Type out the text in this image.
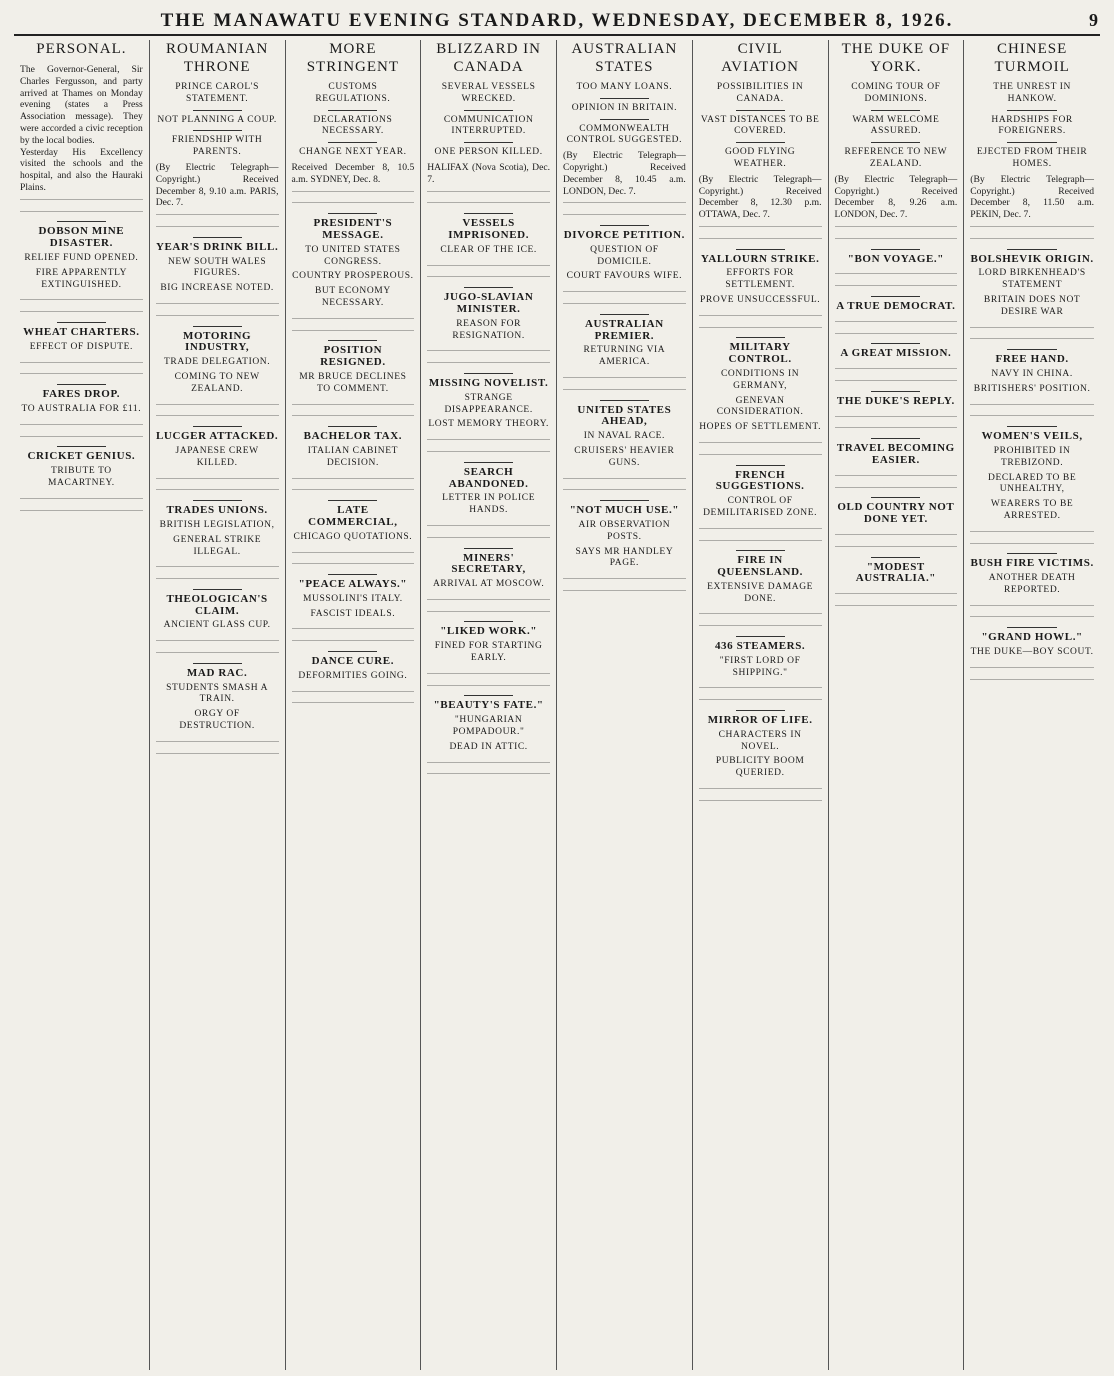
THE MANAWATU EVENING STANDARD, WEDNESDAY, DECEMBER 8, 1926.	9
PERSONAL.

The Governor-General, Sir Charles Fergusson, and party arrived at Thames on Monday evening (states a Press Association message). They were accorded a civic reception by the local bodies.

Yesterday His Excellency visited the schools and the hospital, and also the Hauraki Plains.

DOBSON MINE DISASTER.
RELIEF FUND OPENED.
FIRE APPARENTLY EXTINGUISHED.
WHEAT CHARTERS.
EFFECT OF DISPUTE.
FARES DROP.
TO AUSTRALIA FOR £11.
CRICKET GENIUS.
TRIBUTE TO MACARTNEY.
ROUMANIAN THRONE
PRINCE CAROL'S STATEMENT.
NOT PLANNING A COUP.
FRIENDSHIP WITH PARENTS.

(By Electric Telegraph—Copyright.) Received December 8, 9.10 a.m. PARIS, Dec. 7.

YEAR'S DRINK BILL.
NEW SOUTH WALES FIGURES.
BIG INCREASE NOTED.
MOTORING INDUSTRY,
TRADE DELEGATION.
COMING TO NEW ZEALAND.
LUCGER ATTACKED.
JAPANESE CREW KILLED.
TRADES UNIONS.
BRITISH LEGISLATION,
GENERAL STRIKE ILLEGAL.
THEOLOGICAN'S CLAIM.
ANCIENT GLASS CUP.
MAD RAC.
STUDENTS SMASH A TRAIN.
ORGY OF DESTRUCTION.
MORE STRINGENT
CUSTOMS REGULATIONS.
DECLARATIONS NECESSARY.
CHANGE NEXT YEAR.

Received December 8, 10.5 a.m. SYDNEY, Dec. 8.

PRESIDENT'S MESSAGE.
TO UNITED STATES CONGRESS.
COUNTRY PROSPEROUS.
BUT ECONOMY NECESSARY.
POSITION RESIGNED.
MR BRUCE DECLINES TO COMMENT.
BACHELOR TAX.
ITALIAN CABINET DECISION.
LATE COMMERCIAL,
CHICAGO QUOTATIONS.
"PEACE ALWAYS."
MUSSOLINI'S ITALY.
FASCIST IDEALS.
DANCE CURE.
DEFORMITIES GOING.
BLIZZARD IN CANADA
SEVERAL VESSELS WRECKED.
COMMUNICATION INTERRUPTED.
ONE PERSON KILLED.

HALIFAX (Nova Scotia), Dec. 7.

VESSELS IMPRISONED.
CLEAR OF THE ICE.
JUGO-SLAVIAN MINISTER.
REASON FOR RESIGNATION.
MISSING NOVELIST.
STRANGE DISAPPEARANCE.
LOST MEMORY THEORY.
SEARCH ABANDONED.
LETTER IN POLICE HANDS.
MINERS' SECRETARY,
ARRIVAL AT MOSCOW.
"LIKED WORK."
FINED FOR STARTING EARLY.
"BEAUTY'S FATE."
"HUNGARIAN POMPADOUR."
DEAD IN ATTIC.
AUSTRALIAN STATES
TOO MANY LOANS.
OPINION IN BRITAIN.
COMMONWEALTH CONTROL SUGGESTED.

(By Electric Telegraph—Copyright.) Received December 8, 10.45 a.m. LONDON, Dec. 7.

DIVORCE PETITION.
QUESTION OF DOMICILE.
COURT FAVOURS WIFE.
AUSTRALIAN PREMIER.
RETURNING VIA AMERICA.
UNITED STATES AHEAD,
IN NAVAL RACE.
CRUISERS' HEAVIER GUNS.
"NOT MUCH USE."
AIR OBSERVATION POSTS.
SAYS MR HANDLEY PAGE.
CIVIL AVIATION
POSSIBILITIES IN CANADA.
VAST DISTANCES TO BE COVERED.
GOOD FLYING WEATHER.

(By Electric Telegraph—Copyright.) Received December 8, 12.30 p.m. OTTAWA, Dec. 7.

YALLOURN STRIKE.
EFFORTS FOR SETTLEMENT.
PROVE UNSUCCESSFUL.
MILITARY CONTROL.
CONDITIONS IN GERMANY,
GENEVAN CONSIDERATION.
HOPES OF SETTLEMENT.
FRENCH SUGGESTIONS.
CONTROL OF DEMILITARISED ZONE.
FIRE IN QUEENSLAND.
EXTENSIVE DAMAGE DONE.
436 STEAMERS.
"FIRST LORD OF SHIPPING."
MIRROR OF LIFE.
CHARACTERS IN NOVEL.
PUBLICITY BOOM QUERIED.
THE DUKE OF YORK.
COMING TOUR OF DOMINIONS.
WARM WELCOME ASSURED.
REFERENCE TO NEW ZEALAND.

(By Electric Telegraph—Copyright.) Received December 8, 9.26 a.m. LONDON, Dec. 7.

"BON VOYAGE."
A TRUE DEMOCRAT.
A GREAT MISSION.
THE DUKE'S REPLY.
TRAVEL BECOMING EASIER.
OLD COUNTRY NOT DONE YET.
"MODEST AUSTRALIA."
CHINESE TURMOIL
THE UNREST IN HANKOW.
HARDSHIPS FOR FOREIGNERS.
EJECTED FROM THEIR HOMES.

(By Electric Telegraph—Copyright.) Received December 8, 11.50 a.m. PEKIN, Dec. 7.

BOLSHEVIK ORIGIN.
LORD BIRKENHEAD'S STATEMENT
BRITAIN DOES NOT DESIRE WAR
FREE HAND.
NAVY IN CHINA.
BRITISHERS' POSITION.
WOMEN'S VEILS,
PROHIBITED IN TREBIZOND.
DECLARED TO BE UNHEALTHY,
WEARERS TO BE ARRESTED.
BUSH FIRE VICTIMS.
ANOTHER DEATH REPORTED.
"GRAND HOWL."
THE DUKE—BOY SCOUT.
